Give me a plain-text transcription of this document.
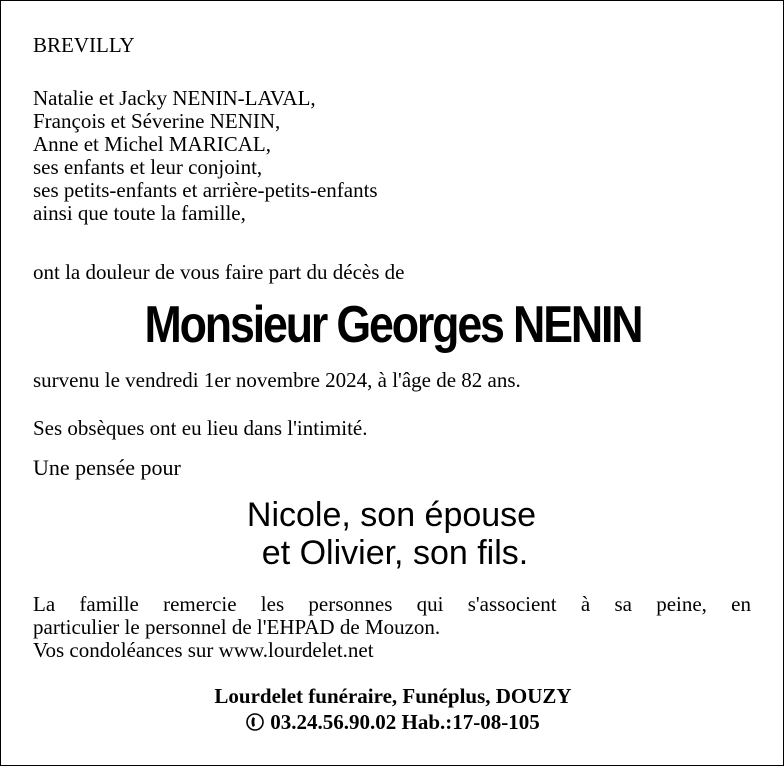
BREVILLY

Natalie et Jacky NENIN-LAVAL,
François et Séverine NENIN,
Anne et Michel MARICAL,
ses enfants et leur conjoint,
ses petits-enfants et arrière-petits-enfants
ainsi que toute la famille,

ont la douleur de vous faire part du décès de

Monsieur Georges NENIN

survenu le vendredi 1er novembre 2024, à l'âge de 82 ans.

Ses obsèques ont eu lieu dans l'intimité.

Une pensée pour

Nicole, son épouse
et Olivier, son fils.
La famille remercie les personnes qui s'associent à sa peine, en
particulier le personnel de l'EHPAD de Mouzon.
Vos condoléances sur www.lourdelet.net
Lourdelet funéraire, Funéplus, DOUZY
03.24.56.90.02 Hab.:17-08-105
